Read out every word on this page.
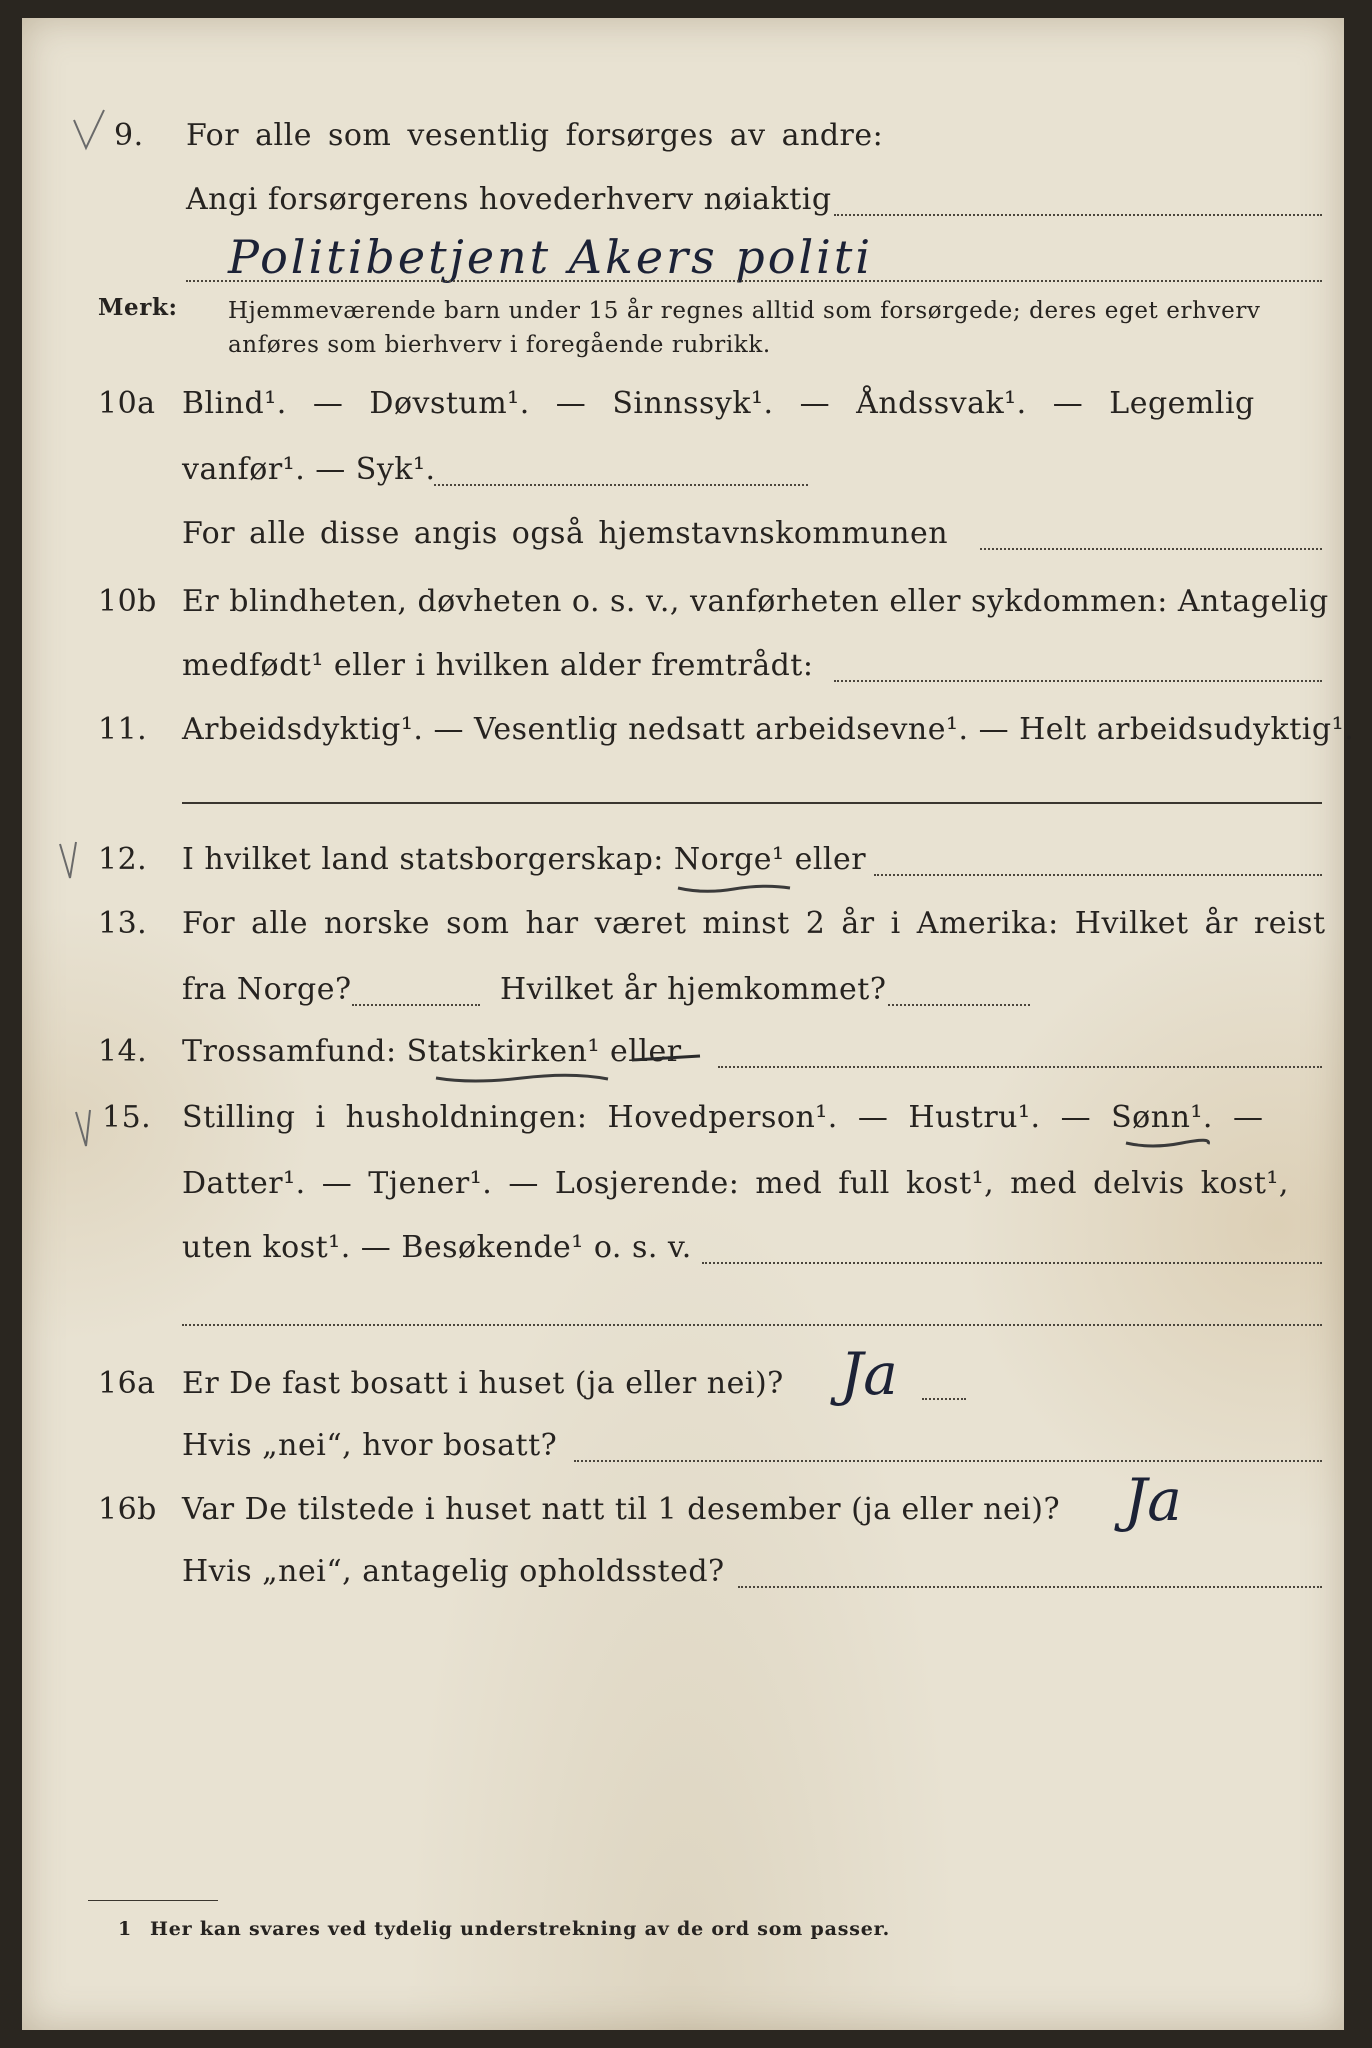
9. For alle som vesentlig forsørges av andre:
Angi forsørgerens hovederhverv nøiaktig
Politibetjent Akers politi
Merk: Hjemmeværende barn under 15 år regnes alltid som forsørgede; deres eget erhverv
anføres som bierhverv i foregående rubrikk.
10a Blind¹. — Døvstum¹. — Sinnssyk¹. — Åndssvak¹. — Legemlig
vanfør¹. — Syk¹.
For alle disse angis også hjemstavnskommunen
10b Er blindheten, døvheten o. s. v., vanførheten eller sykdommen: Antagelig
medfødt¹ eller i hvilken alder fremtrådt:
11. Arbeidsdyktig¹. — Vesentlig nedsatt arbeidsevne¹. — Helt arbeidsudyktig¹.
12. I hvilket land statsborgerskap: Norge¹ eller
13. For alle norske som har været minst 2 år i Amerika: Hvilket år reist
fra Norge?	Hvilket år hjemkommet?
14. Trossamfund: Statskirken¹ eller
15. Stilling i husholdningen: Hovedperson¹. — Hustru¹. — Sønn¹. —
Datter¹. — Tjener¹. — Losjerende: med full kost¹, med delvis kost¹,
uten kost¹. — Besøkende¹ o. s. v.
16a Er De fast bosatt i huset (ja eller nei)? Ja
Hvis „nei“, hvor bosatt?
16b Var De tilstede i huset natt til 1 desember (ja eller nei)? Ja
Hvis „nei“, antagelig opholdssted?
1 Her kan svares ved tydelig understrekning av de ord som passer.
